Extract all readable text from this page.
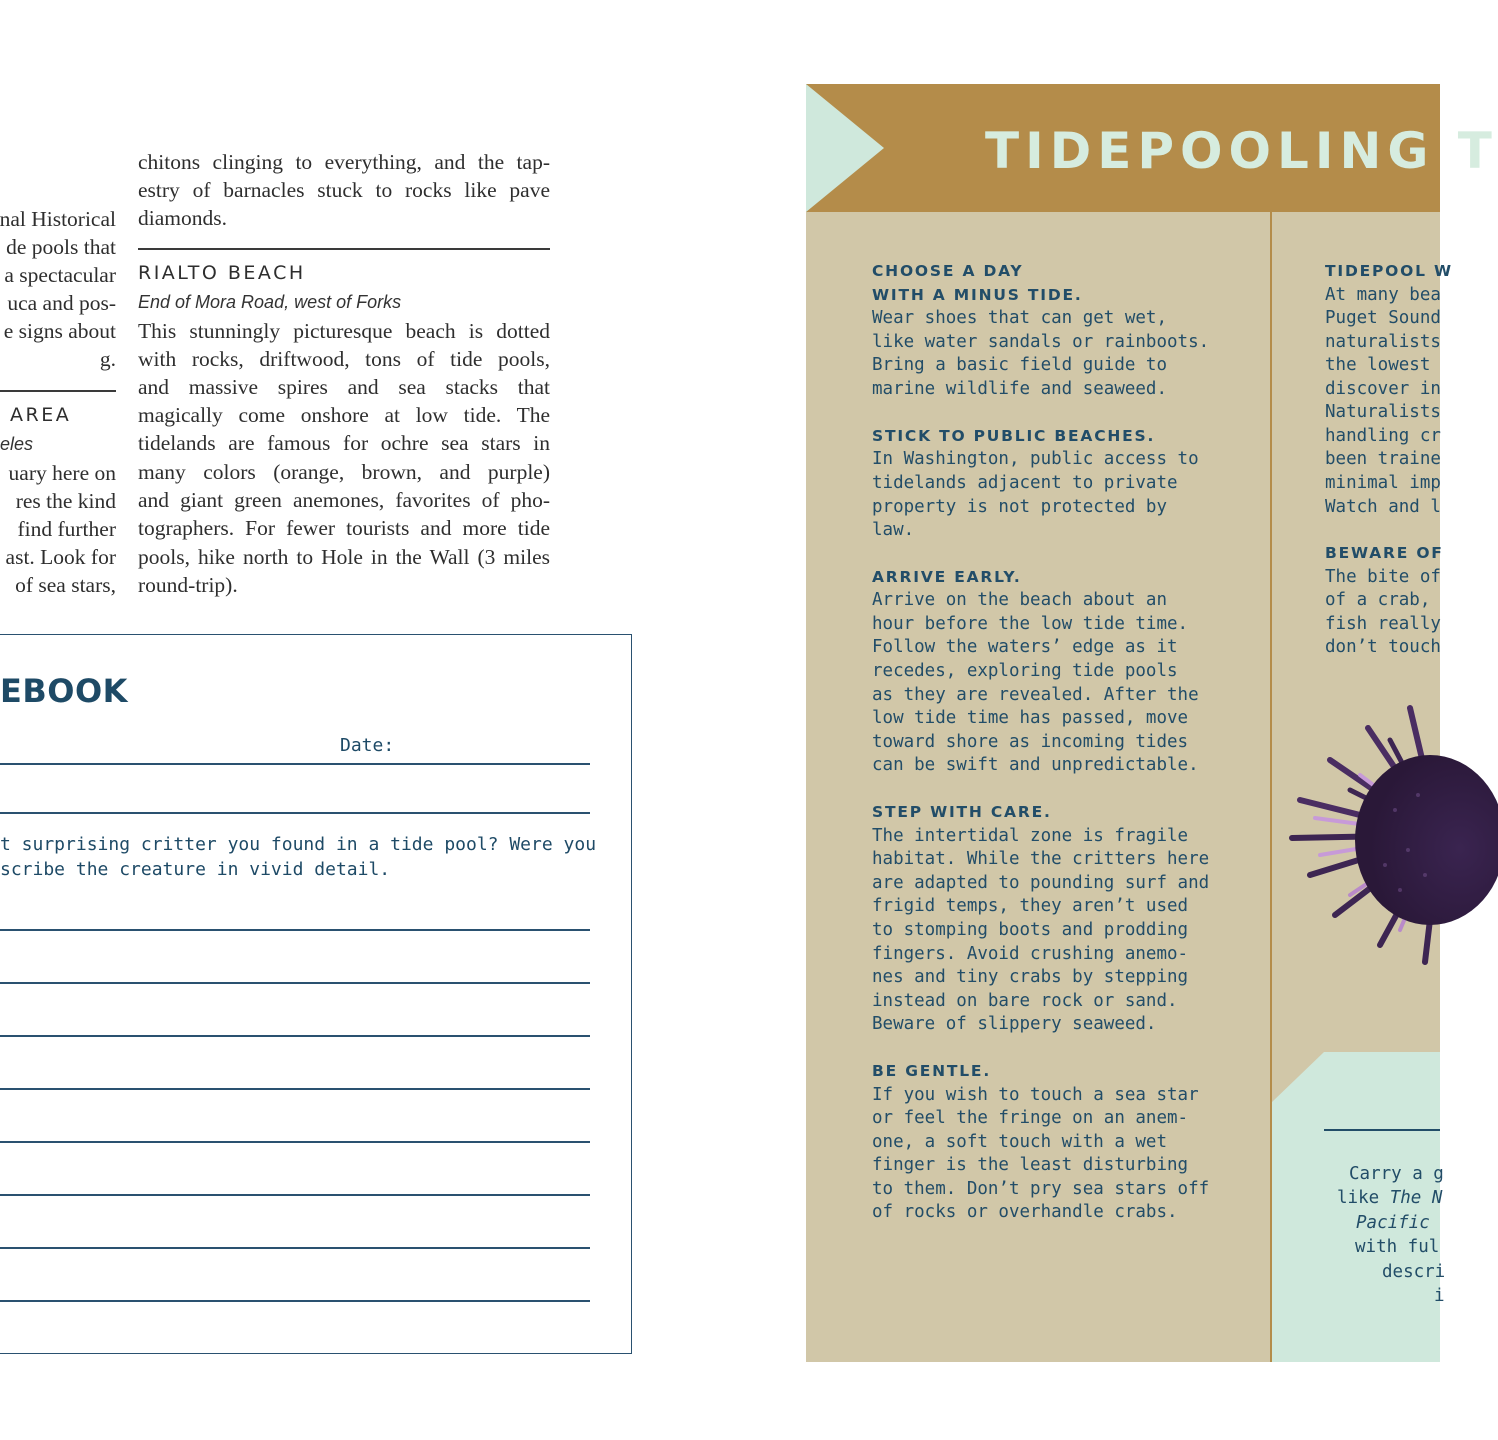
nal Historical
de pools that
a spectacular
uca and pos-
e signs about
g.
AREA
eles
uary here on
res the kind
find further
ast. Look for
of sea stars,
chitons clinging to everything, and the tap-
estry of barnacles stuck to rocks like pave
diamonds.
RIALTO BEACH
End of Mora Road, west of Forks
This stunningly picturesque beach is dotted
with rocks, driftwood, tons of tide pools,
and massive spires and sea stacks that
magically come onshore at low tide. The
tidelands are famous for ochre sea stars in
many colors (orange, brown, and purple)
and giant green anemones, favorites of pho-
tographers. For fewer tourists and more tide
pools, hike north to Hole in the Wall (3 miles
round-trip).
EBOOK
Date:
t surprising critter you found in a tide pool? Were you
scribe the creature in vivid detail.
TIDEPOOLING T
CHOOSE A DAY
WITH A MINUS TIDE.
Wear shoes that can get wet,
like water sandals or rainboots.
Bring a basic field guide to
marine wildlife and seaweed.
STICK TO PUBLIC BEACHES.
In Washington, public access to
tidelands adjacent to private
property is not protected by
law.
ARRIVE EARLY.
Arrive on the beach about an
hour before the low tide time.
Follow the waters’ edge as it
recedes, exploring tide pools
as they are revealed. After the
low tide time has passed, move
toward shore as incoming tides
can be swift and unpredictable.
STEP WITH CARE.
The intertidal zone is fragile
habitat. While the critters here
are adapted to pounding surf and
frigid temps, they aren’t used
to stomping boots and prodding
fingers. Avoid crushing anemo-
nes and tiny crabs by stepping
instead on bare rock or sand.
Beware of slippery seaweed.
BE GENTLE.
If you wish to touch a sea star
or feel the fringe on an anem-
one, a soft touch with a wet
finger is the least disturbing
to them. Don’t pry sea stars off
of rocks or overhandle crabs.
TIDEPOOL W
At many bea
Puget Sound
naturalists
the lowest
discover in
Naturalists
handling cr
been traine
minimal imp
Watch and l
BEWARE OF
The bite of
of a crab,
fish really
don’t touch
Carry a g
like The N
Pacific
with ful
descri
i
